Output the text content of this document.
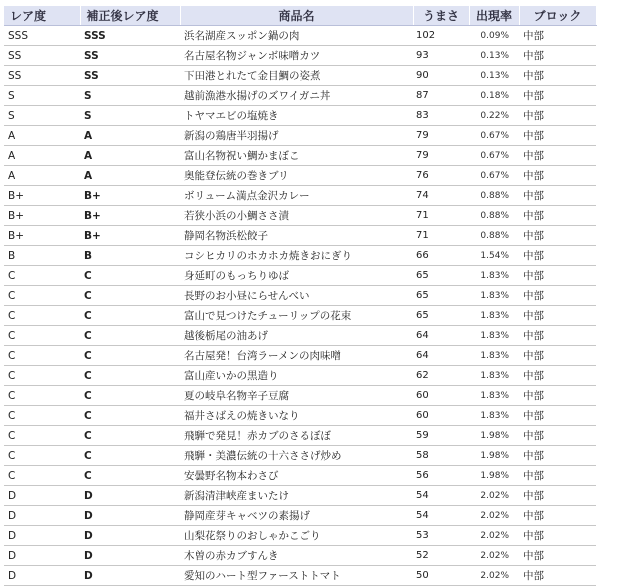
レア度	補正後レア度	商品名	うまさ	出現率	ブロック
SSS	SSS	浜名湖産スッポン鍋の肉	102	0.09%	中部
SS	SS	名古屋名物ジャンボ味噌カツ	93	0.13%	中部
SS	SS	下田港とれたて金目鯛の姿煮	90	0.13%	中部
S	S	越前漁港水揚げのズワイガニ丼	87	0.18%	中部
S	S	トヤマエビの塩焼き	83	0.22%	中部
A	A	新潟の鶏唐半羽揚げ	79	0.67%	中部
A	A	富山名物祝い鯛かまぼこ	79	0.67%	中部
A	A	奥能登伝統の巻きブリ	76	0.67%	中部
B+	B+	ボリューム満点金沢カレー	74	0.88%	中部
B+	B+	若狭小浜の小鯛ささ漬	71	0.88%	中部
B+	B+	静岡名物浜松餃子	71	0.88%	中部
B	B	コシヒカリのホカホカ焼きおにぎり	66	1.54%	中部
C	C	身延町のもっちりゆば	65	1.83%	中部
C	C	長野のお小昼にらせんべい	65	1.83%	中部
C	C	富山で見つけたチューリップの花束	65	1.83%	中部
C	C	越後栃尾の油あげ	64	1.83%	中部
C	C	名古屋発！台湾ラーメンの肉味噌	64	1.83%	中部
C	C	富山産いかの黒造り	62	1.83%	中部
C	C	夏の岐阜名物辛子豆腐	60	1.83%	中部
C	C	福井さばえの焼きいなり	60	1.83%	中部
C	C	飛騨で発見！赤カブのさるぼぼ	59	1.98%	中部
C	C	飛騨・美濃伝統の十六ささげ炒め	58	1.98%	中部
C	C	安曇野名物本わさび	56	1.98%	中部
D	D	新潟清津峡産まいたけ	54	2.02%	中部
D	D	静岡産芽キャベツの素揚げ	54	2.02%	中部
D	D	山梨花祭りのおしゃかこごり	53	2.02%	中部
D	D	木曽の赤カブすんき	52	2.02%	中部
D	D	愛知のハート型ファーストトマト	50	2.02%	中部
